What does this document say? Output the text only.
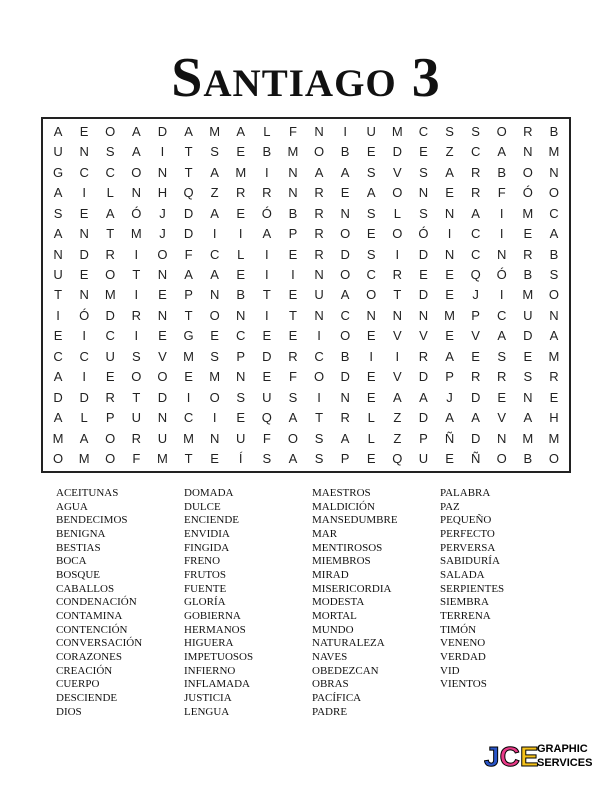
Santiago 3
A	E	O	A	D	A	M	A	L	F	N	I	U	M	C	S	S	O	R	B
U	N	S	A	I	T	S	E	B	M	O	B	E	D	E	Z	C	A	N	M
G	C	C	O	N	T	A	M	I	N	A	A	S	V	S	A	R	B	O	N
A	I	L	N	H	Q	Z	R	R	N	R	E	A	O	N	E	R	F	Ó	O
S	E	A	Ó	J	D	A	E	Ó	B	R	N	S	L	S	N	A	I	M	C
A	N	T	M	J	D	I	I	A	P	R	O	E	O	Ó	I	C	I	E	A
N	D	R	I	O	F	C	L	I	E	R	D	S	I	D	N	C	N	R	B
U	E	O	T	N	A	A	E	I	I	N	O	C	R	E	E	Q	Ó	B	S
T	N	M	I	E	P	N	B	T	E	U	A	O	T	D	E	J	I	M	O
I	Ó	D	R	N	T	O	N	I	T	N	C	N	N	N	M	P	C	U	N
E	I	C	I	E	G	E	C	E	E	I	O	E	V	V	E	V	A	D	A
C	C	U	S	V	M	S	P	D	R	C	B	I	I	R	A	E	S	E	M
A	I	E	O	O	E	M	N	E	F	O	D	E	V	D	P	R	R	S	R
D	D	R	T	D	I	O	S	U	S	I	N	E	A	A	J	D	E	N	E
A	L	P	U	N	C	I	E	Q	A	T	R	L	Z	D	A	A	V	A	H
M	A	O	R	U	M	N	U	F	O	S	A	L	Z	P	Ñ	D	N	M	M
O	M	O	F	M	T	E	Í	S	A	S	P	E	Q	U	E	Ñ	O	B	O
ACEITUNAS
AGUA
BENDECIMOS
BENIGNA
BESTIAS
BOCA
BOSQUE
CABALLOS
CONDENACIÓN
CONTAMINA
CONTENCIÓN
CONVERSACIÓN
CORAZONES
CREACIÓN
CUERPO
DESCIENDE
DIOS
DOMADA
DULCE
ENCIENDE
ENVIDIA
FINGIDA
FRENO
FRUTOS
FUENTE
GLORÍA
GOBIERNA
HERMANOS
HIGUERA
IMPETUOSOS
INFIERNO
INFLAMADA
JUSTICIA
LENGUA
MAESTROS
MALDICIÓN
MANSEDUMBRE
MAR
MENTIROSOS
MIEMBROS
MIRAD
MISERICORDIA
MODESTA
MORTAL
MUNDO
NATURALEZA
NAVES
OBEDEZCAN
OBRAS
PACÍFICA
PADRE
PALABRA
PAZ
PEQUEÑO
PERFECTO
PERVERSA
SABIDURÍA
SALADA
SERPIENTES
SIEMBRA
TERRENA
TIMÓN
VENENO
VERDAD
VID
VIENTOS
JCE
GRAPHIC
SERVICES
